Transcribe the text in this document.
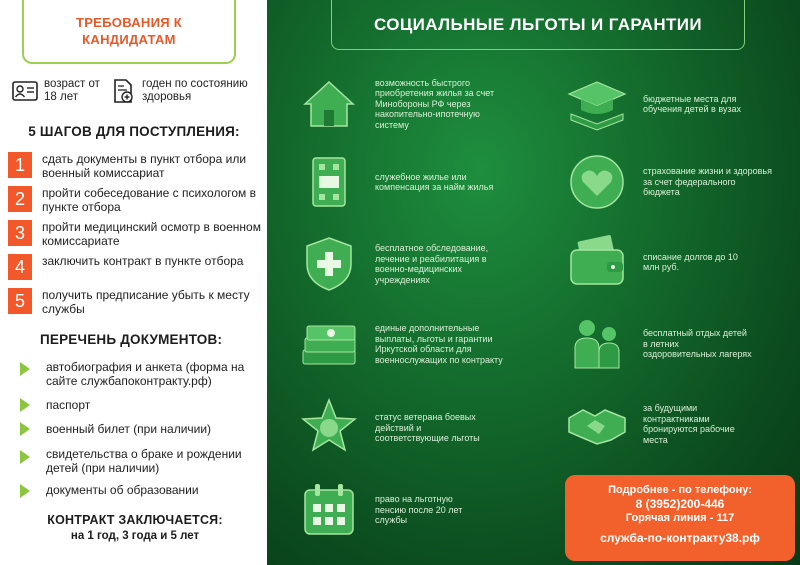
ТРЕБОВАНИЯ К КАНДИДАТАМ
возраст от 18 лет
годен по состоянию здоровья
5 ШАГОВ ДЛЯ ПОСТУПЛЕНИЯ:
1	сдать документы в пункт отбора или военный комиссариат
2	пройти собеседование с психологом в пункте отбора
3	пройти медицинский осмотр в военном комиссариате
4	заключить контракт в пункте отбора
5	получить предписание убыть к месту службы
ПЕРЕЧЕНЬ ДОКУМЕНТОВ:
автобиография и анкета (форма на сайте службапоконтракту.рф)
паспорт
военный билет (при наличии)
свидетельства о браке и рождении детей (при наличии)
документы об образовании
КОНТРАКТ ЗАКЛЮЧАЕТСЯ:
на 1 год, 3 года и 5 лет
СОЦИАЛЬНЫЕ ЛЬГОТЫ И ГАРАНТИИ
возможность быстрого приобретения жилья за счет Минобороны РФ через накопительно-ипотечную систему
служебное жилье или компенсация за найм жилья
бесплатное обследование, лечение и реабилитация в военно-медицинских учреждениях
единые дополнительные выплаты, льготы и гарантии Иркутской области для военнослужащих по контракту
статус ветерана боевых действий и соответствующие льготы
право на льготную пенсию после 20 лет службы
бюджетные места для обучения детей в вузах
страхование жизни и здоровья за счет федерального бюджета
списание долгов до 10 млн руб.
бесплатный отдых детей в летних оздоровительных лагерях
за будущими контрактниками бронируются рабочие места
Подробнее - по телефону:
8 (3952)200-446
Горячая линия - 117
служба-по-контракту38.рф
